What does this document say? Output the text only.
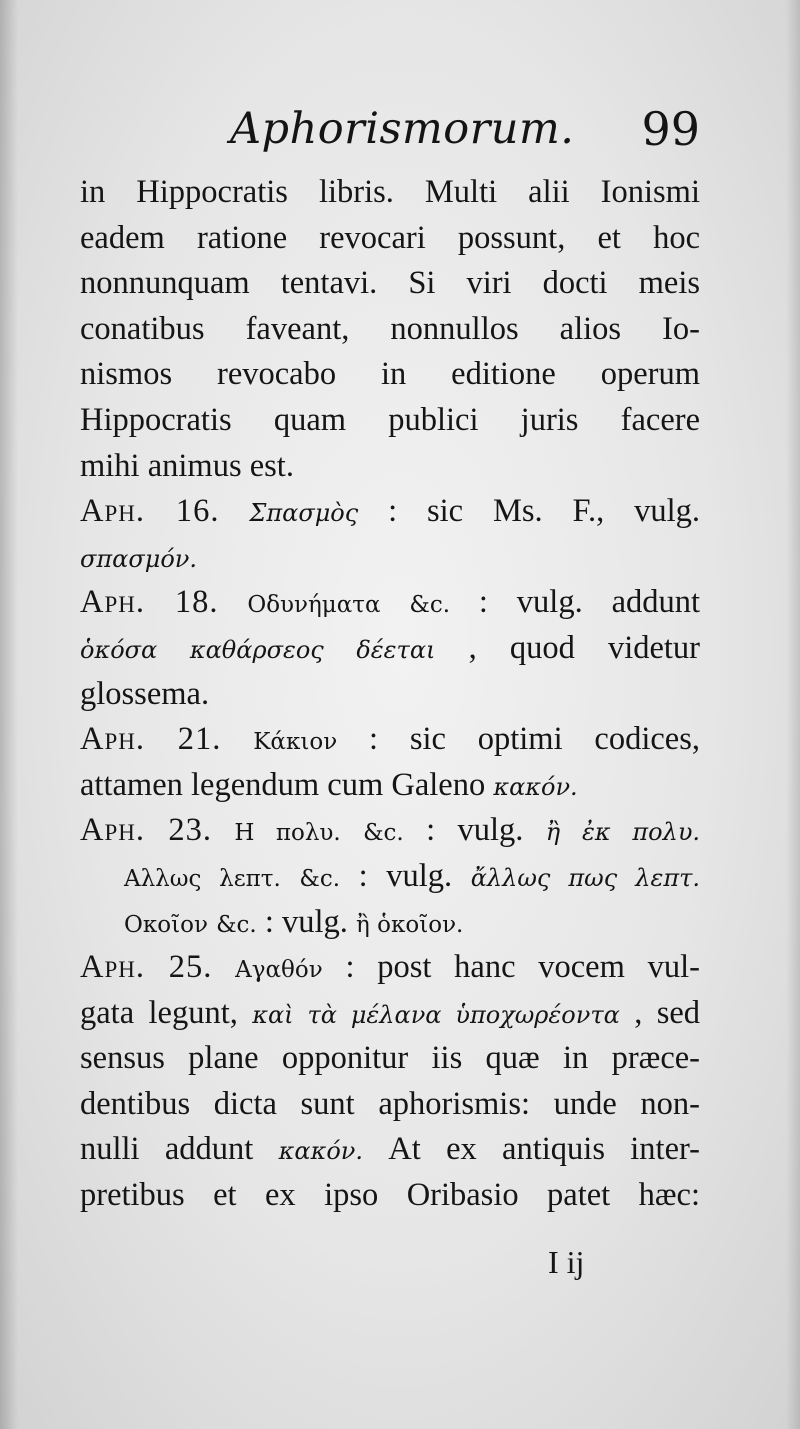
Aphorismorum. 99
in Hippocratis libris. Multi alii Ionismi
eadem ratione revocari possunt, et hoc
nonnunquam tentavi. Si viri docti meis
conatibus faveant, nonnullos alios Io-
nismos revocabo in editione operum
Hippocratis quam publici juris facere
mihi animus est.
Aph. 16. Σπασμὸς : sic Ms. F., vulg.
σπασμόν.
Aph. 18. Οδυνήματα &c. : vulg. addunt
ὁκόσα καθάρσεος δέεται , quod videtur
glossema.
Aph. 21. Κάκιον : sic optimi codices,
attamen legendum cum Galeno κακόν.
Aph. 23. Η πολυ. &c. : vulg. ἢ ἐκ πολυ.
Αλλως λεπτ. &c. : vulg. ἄλλως πως λεπτ.
Οκοῖον &c. : vulg. ἢ ὁκοῖον.
Aph. 25. Αγαθόν : post hanc vocem vul-
gata legunt, καὶ τὰ μέλανα ὑποχωρέοντα , sed
sensus plane opponitur iis quæ in præce-
dentibus dicta sunt aphorismis: unde non-
nulli addunt κακόν. At ex antiquis inter-
pretibus et ex ipso Oribasio patet hæc:
I ij
